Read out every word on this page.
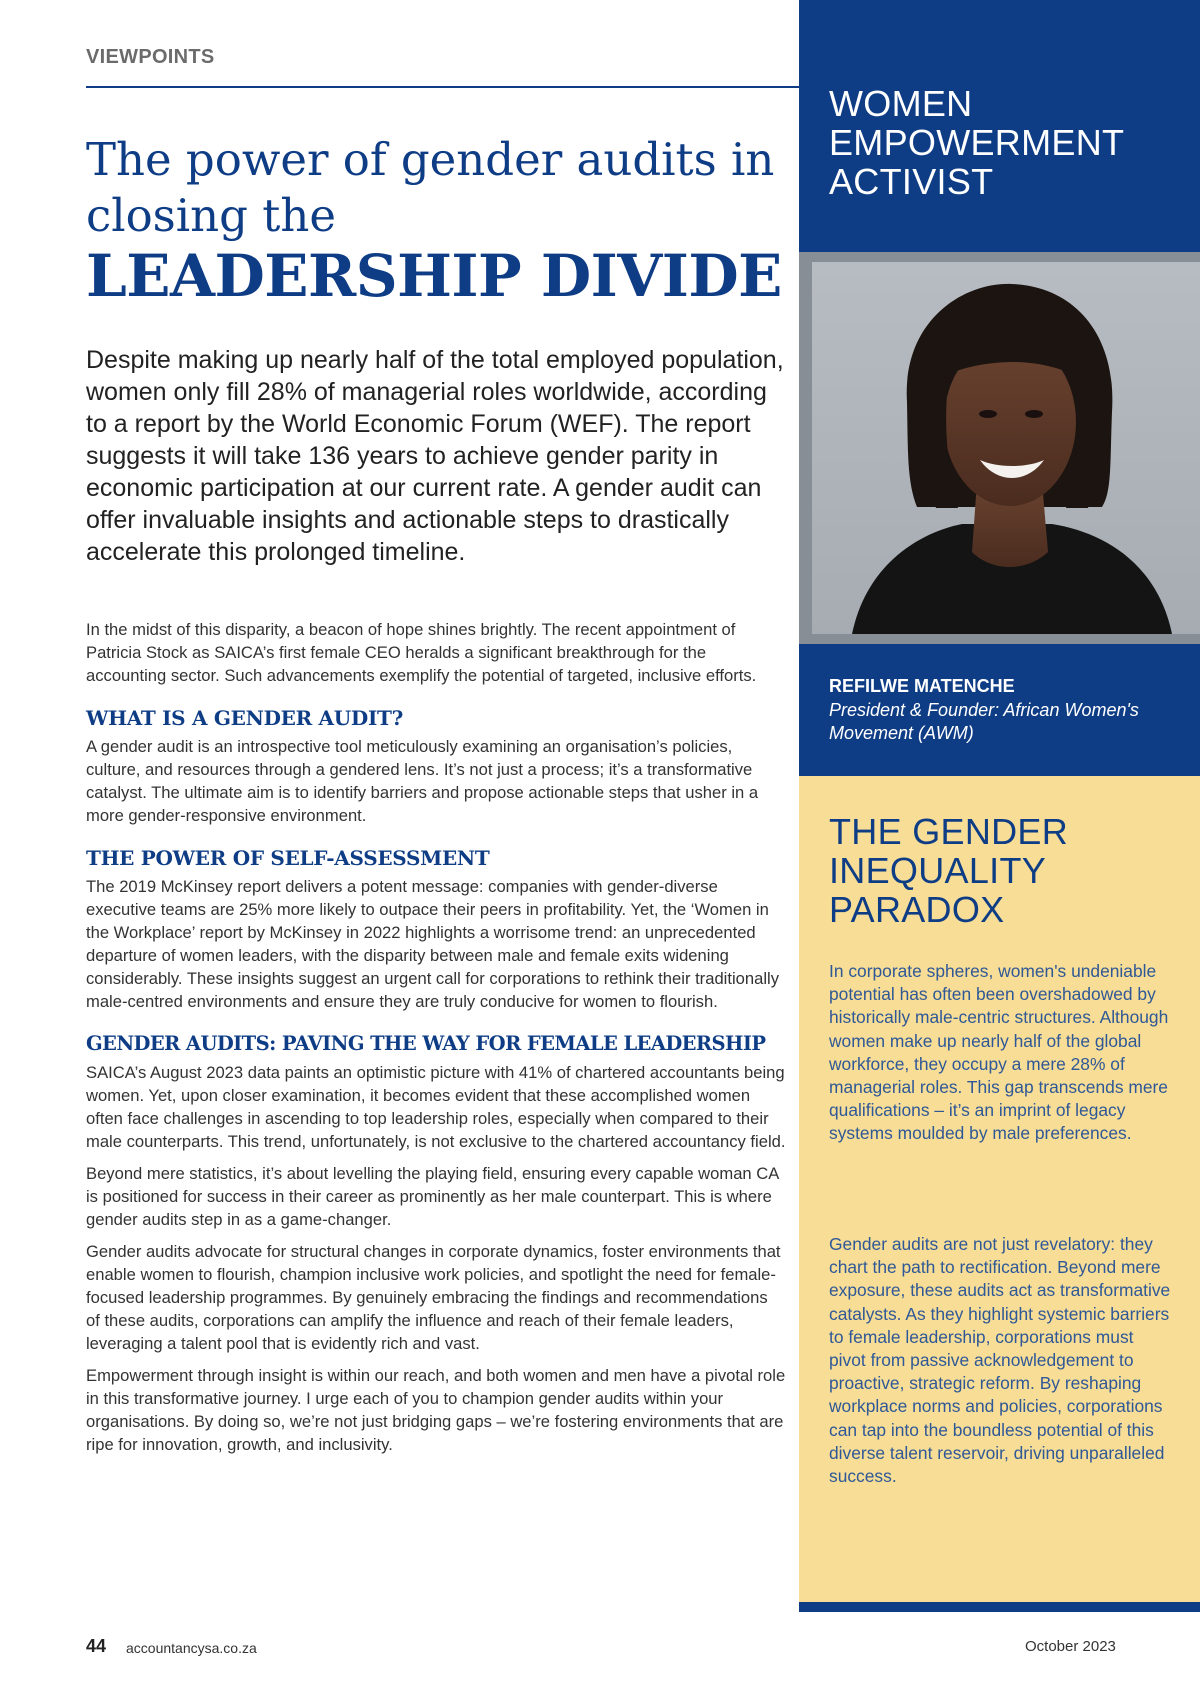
VIEWPOINTS
The power of gender audits in closing the
LEADERSHIP DIVIDE

Despite making up nearly half of the total employed population, women only fill 28% of managerial roles worldwide, according to a report by the World Economic Forum (WEF). The report suggests it will take 136 years to achieve gender parity in economic participation at our current rate. A gender audit can offer invaluable insights and actionable steps to drastically accelerate this prolonged timeline.

In the midst of this disparity, a beacon of hope shines brightly. The recent appointment of Patricia Stock as SAICA’s first female CEO heralds a significant breakthrough for the accounting sector. Such advancements exemplify the potential of targeted, inclusive efforts.

WHAT IS A GENDER AUDIT?

A gender audit is an introspective tool meticulously examining an organisation’s policies, culture, and resources through a gendered lens. It’s not just a process; it’s a transformative catalyst. The ultimate aim is to identify barriers and propose actionable steps that usher in a more gender-responsive environment.

THE POWER OF SELF-ASSESSMENT

The 2019 McKinsey report delivers a potent message: companies with gender-diverse executive teams are 25% more likely to outpace their peers in profitability. Yet, the ‘Women in the Workplace’ report by McKinsey in 2022 highlights a worrisome trend: an unprecedented departure of women leaders, with the disparity between male and female exits widening considerably. These insights suggest an urgent call for corporations to rethink their traditionally male-centred environments and ensure they are truly conducive for women to flourish.

GENDER AUDITS: PAVING THE WAY FOR FEMALE LEADERSHIP

SAICA’s August 2023 data paints an optimistic picture with 41% of chartered accountants being women. Yet, upon closer examination, it becomes evident that these accomplished women often face challenges in ascending to top leadership roles, especially when compared to their male counterparts. This trend, unfortunately, is not exclusive to the chartered accountancy field.

Beyond mere statistics, it’s about levelling the playing field, ensuring every capable woman CA is positioned for success in their career as prominently as her male counterpart. This is where gender audits step in as a game-changer.

Gender audits advocate for structural changes in corporate dynamics, foster environments that enable women to flourish, champion inclusive work policies, and spotlight the need for female-focused leadership programmes. By genuinely embracing the findings and recommendations of these audits, corporations can amplify the influence and reach of their female leaders, leveraging a talent pool that is evidently rich and vast.

Empowerment through insight is within our reach, and both women and men have a pivotal role in this transformative journey. I urge each of you to champion gender audits within your organisations. By doing so, we’re not just bridging gaps – we’re fostering environments that are ripe for innovation, growth, and inclusivity.

WOMEN EMPOWERMENT ACTIVIST

REFILWE MATENCHE

President & Founder: African Women's Movement (AWM)

THE GENDER INEQUALITY PARADOX

In corporate spheres, women's undeniable potential has often been overshadowed by historically male-centric structures. Although women make up nearly half of the global workforce, they occupy a mere 28% of managerial roles. This gap transcends mere qualifications – it’s an imprint of legacy systems moulded by male preferences.

Gender audits are not just revelatory: they chart the path to rectification. Beyond mere exposure, these audits act as transformative catalysts. As they highlight systemic barriers to female leadership, corporations must pivot from passive acknowledgement to proactive, strategic reform. By reshaping workplace norms and policies, corporations can tap into the boundless potential of this diverse talent reservoir, driving unparalleled success.

44 accountancysa.co.za	October 2023
